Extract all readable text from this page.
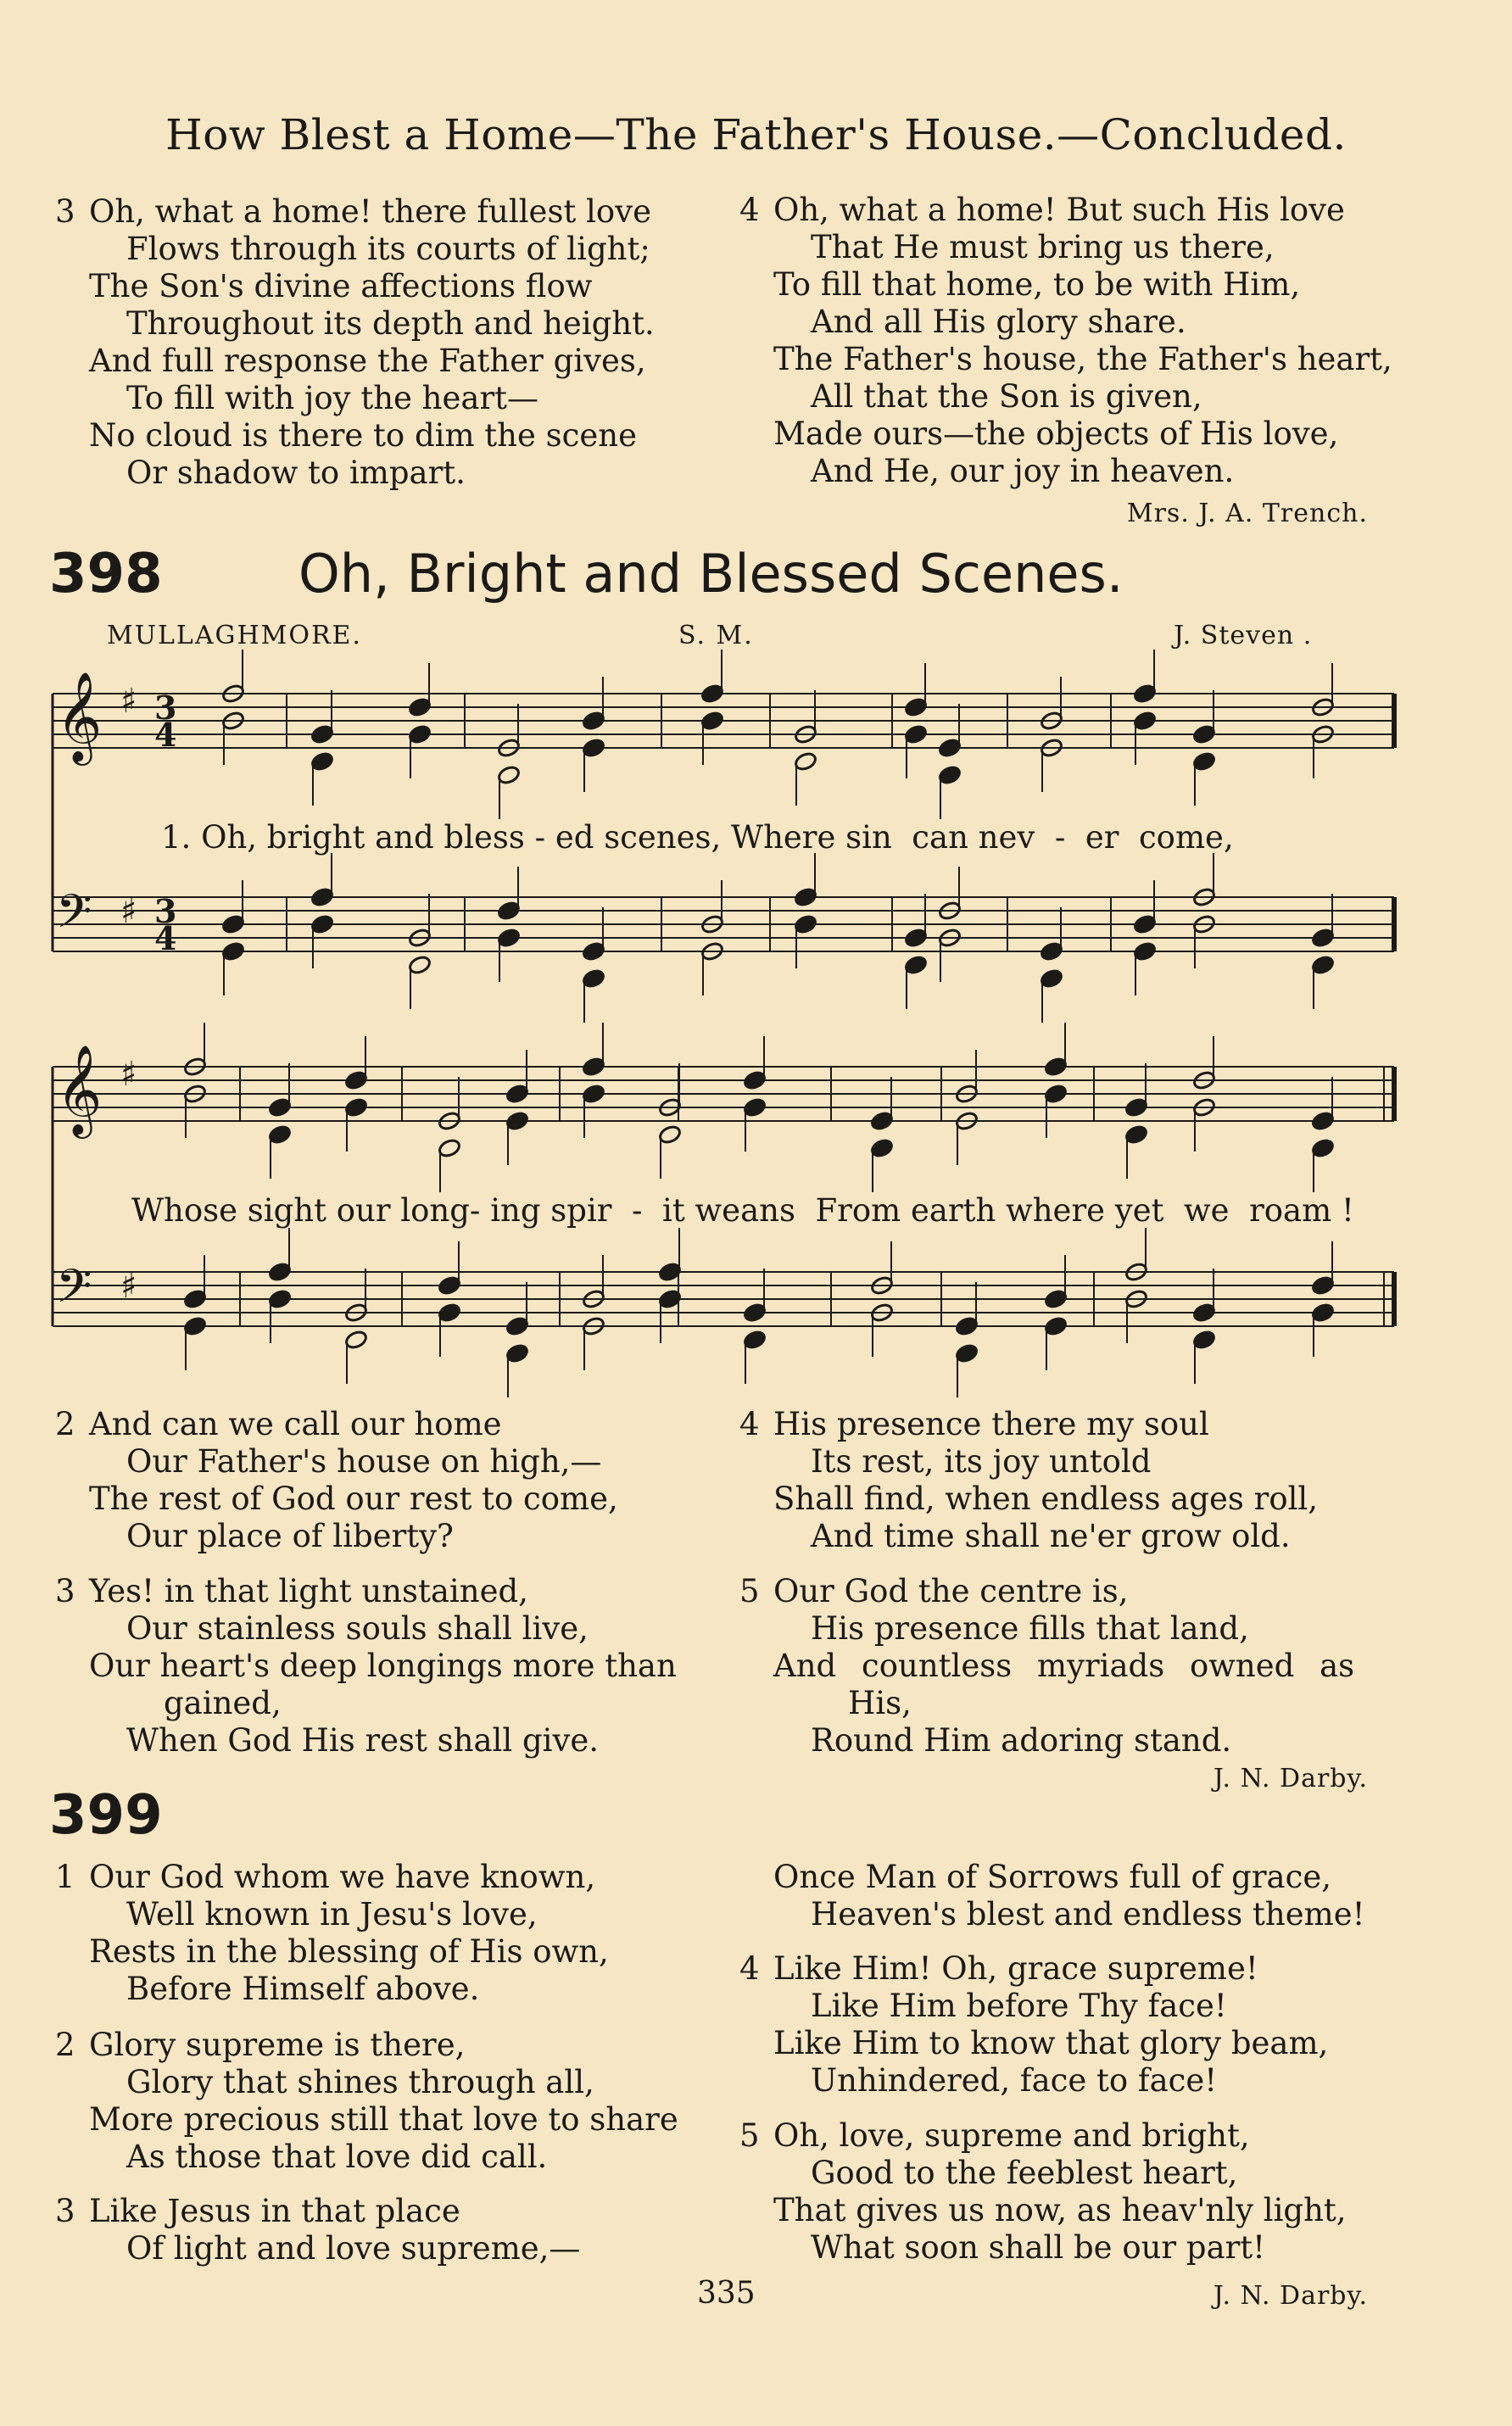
How Blest a Home—The Father's House.—Concluded.
3 Oh, what a home! there fullest love
Flows through its courts of light;
The Son's divine affections flow
Throughout its depth and height.
And full response the Father gives,
To fill with joy the heart—
No cloud is there to dim the scene
Or shadow to impart.
4 Oh, what a home! But such His love
That He must bring us there,
To fill that home, to be with Him,
And all His glory share.
The Father's house, the Father's heart,
All that the Son is given,
Made ours—the objects of His love,
And He, our joy in heaven.
Mrs. J. A. Trench.
398	Oh, Bright and Blessed Scenes.
MULLAGHMORE.	S. M.	J. Steven .
𝄞
𝄢
♯
♯
3
3
4
4
𝄞
𝄢
♯
♯
1. Oh, bright and bless - ed scenes, Where sin  can nev  -  er  come,
Whose sight our long- ing spir  -  it weans  From earth where yet  we  roam !
2 And can we call our home
Our Father's house on high,—
The rest of God our rest to come,
Our place of liberty?
3 Yes! in that light unstained,
Our stainless souls shall live,
Our heart's deep longings more than
gained,
When God His rest shall give.
4 His presence there my soul
Its rest, its joy untold
Shall find, when endless ages roll,
And time shall ne'er grow old.
5 Our God the centre is,
His presence fills that land,
And countless myriads owned as
His,
Round Him adoring stand.
J. N. Darby.
399
1 Our God whom we have known,
Well known in Jesu's love,
Rests in the blessing of His own,
Before Himself above.
2 Glory supreme is there,
Glory that shines through all,
More precious still that love to share
As those that love did call.
3 Like Jesus in that place
Of light and love supreme,—
Once Man of Sorrows full of grace,
Heaven's blest and endless theme!
4 Like Him! Oh, grace supreme!
Like Him before Thy face!
Like Him to know that glory beam,
Unhindered, face to face!
5 Oh, love, supreme and bright,
Good to the feeblest heart,
That gives us now, as heav'nly light,
What soon shall be our part!
J. N. Darby.
335
